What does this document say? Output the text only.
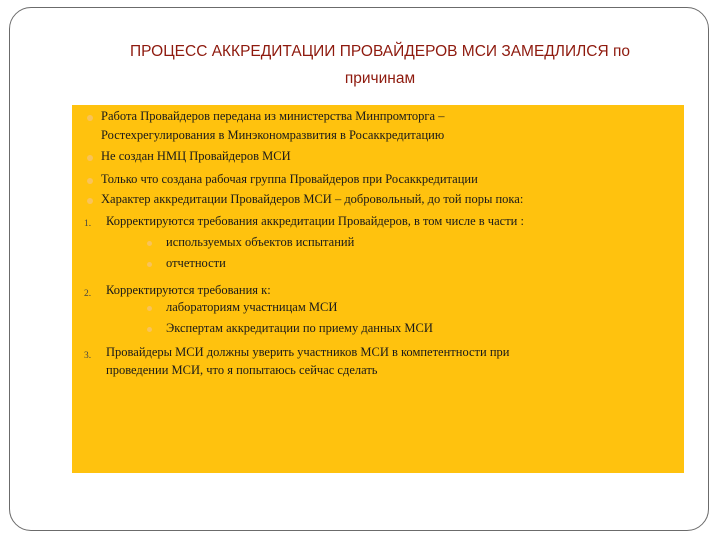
ПРОЦЕСС АККРЕДИТАЦИИ ПРОВАЙДЕРОВ МСИ ЗАМЕДЛИЛСЯ по
причинам
Работа Провайдеров передана из министерства Минпромторга –
Ростехрегулирования в Минэкономразвития в Росаккредитацию
Не создан НМЦ Провайдеров МСИ
Только что создана рабочая группа Провайдеров при Росаккредитации
Характер аккредитации Провайдеров МСИ – добровольный, до той поры пока:
1. Корректируются требования аккредитации Провайдеров, в том числе в части :
используемых объектов испытаний
отчетности
2. Корректируются требования к:
лабораториям участницам МСИ
Экспертам аккредитации по приему данных МСИ
3. Провайдеры МСИ должны уверить участников МСИ в компетентности при
проведении МСИ, что я попытаюсь сейчас сделать
